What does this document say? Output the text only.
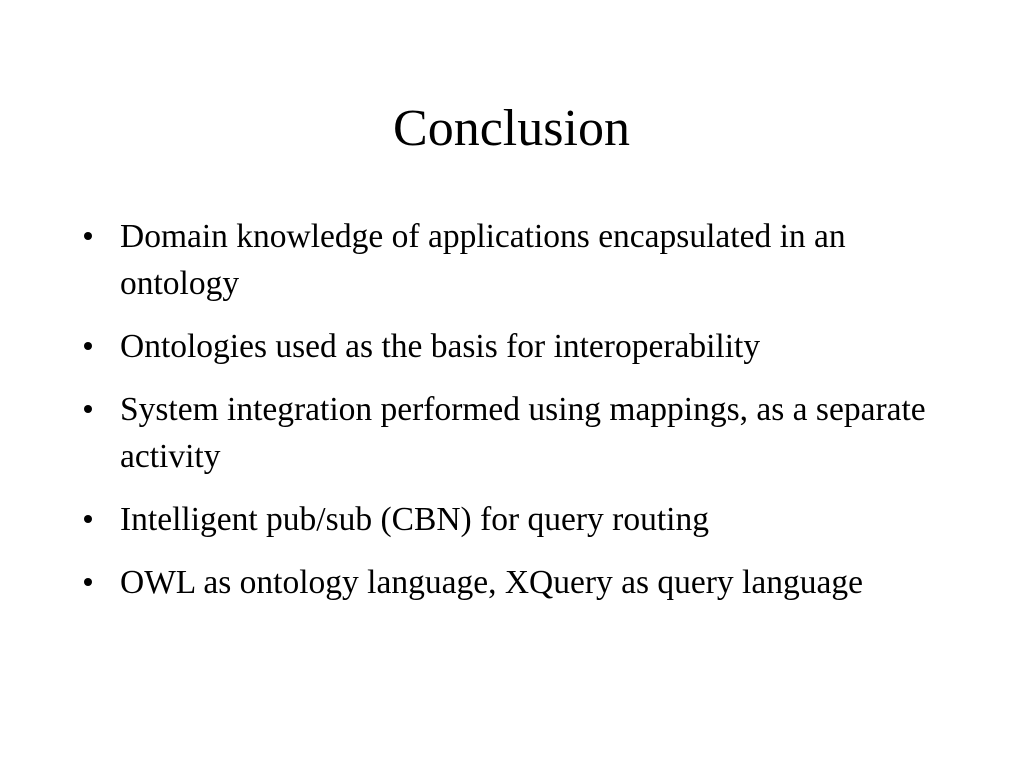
Conclusion
Domain knowledge of applications encapsulated in an ontology
Ontologies used as the basis for interoperability
System integration performed using mappings, as a separate activity
Intelligent pub/sub (CBN) for query routing
OWL as ontology language, XQuery as query language
